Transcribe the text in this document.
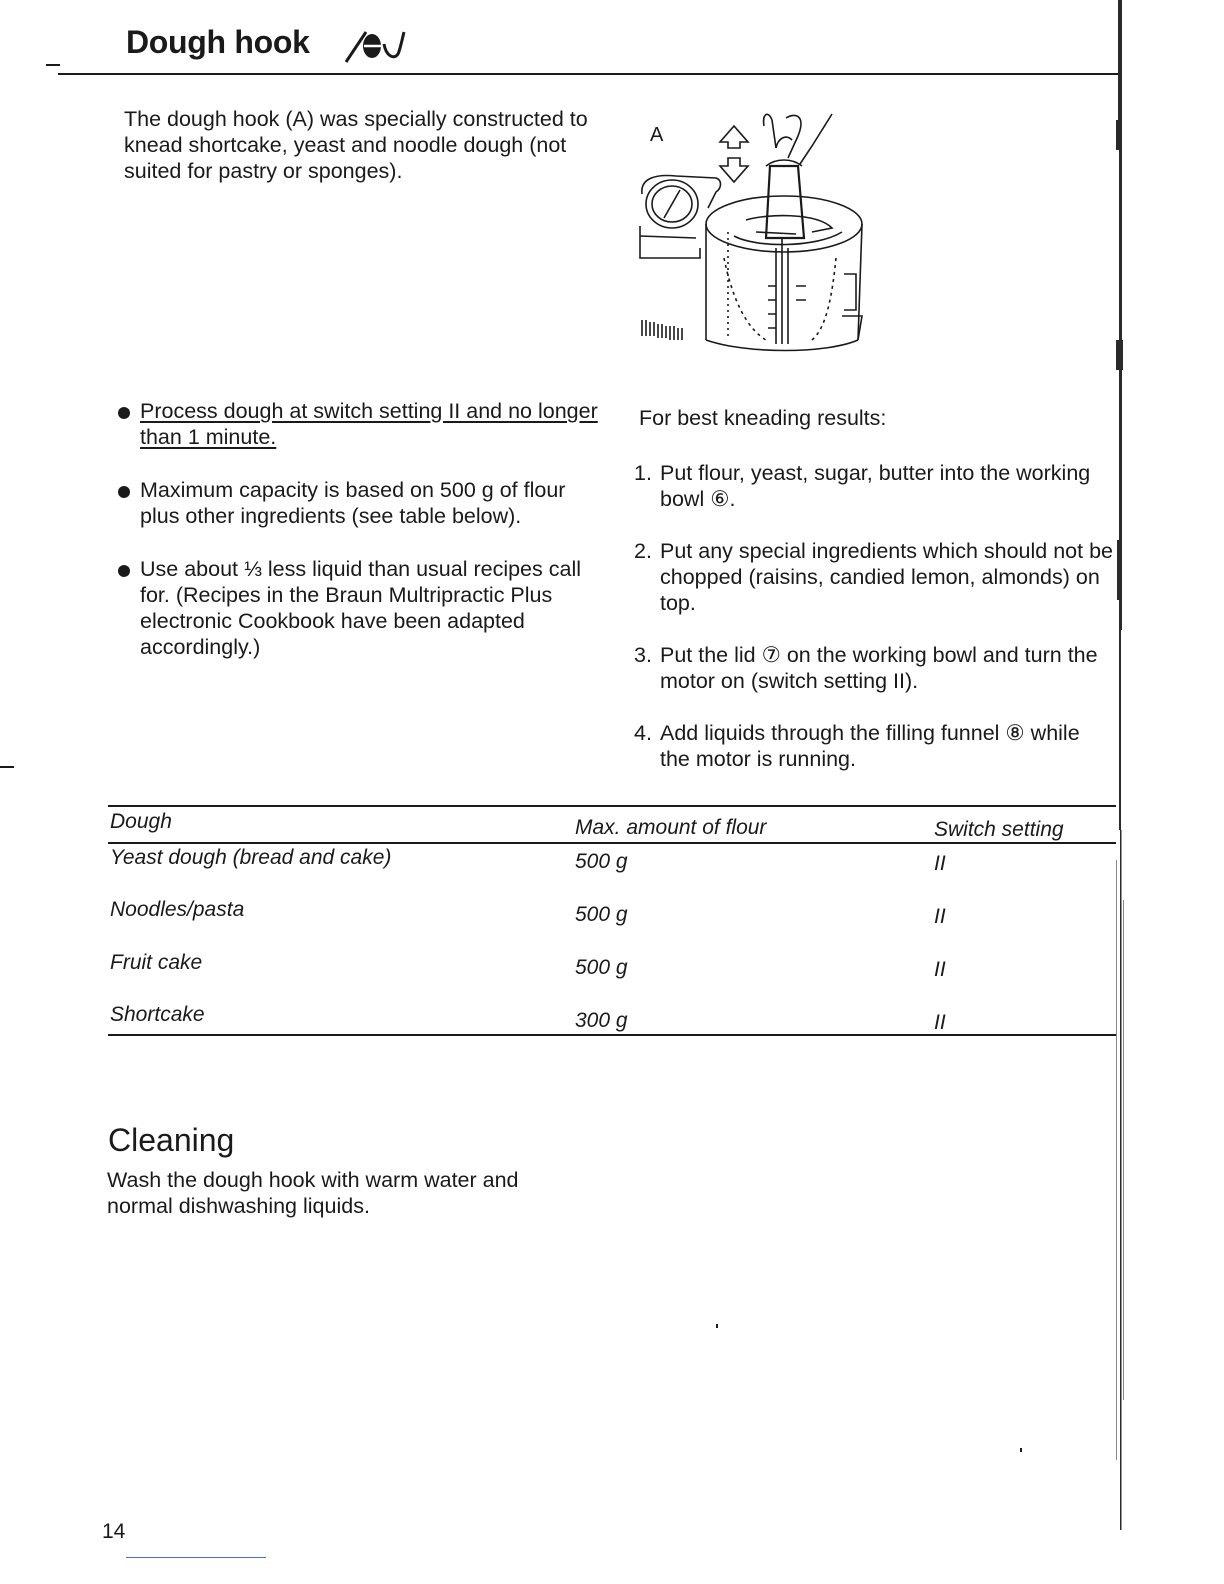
Dough hook
The dough hook (A) was specially constructed to knead shortcake, yeast and noodle dough (not suited for pastry or sponges).
A
Process dough at switch setting II and no longer than 1 minute.
Maximum capacity is based on 500 g of flour plus other ingredients (see table below).
Use about ⅓ less liquid than usual recipes call for. (Recipes in the Braun Multripractic Plus electronic Cookbook have been adapted accordingly.)
For best kneading results:
1. Put flour, yeast, sugar, butter into the working bowl ⑥.
2. Put any special ingredients which should not be chopped (raisins, candied lemon, almonds) on top.
3. Put the lid ⑦ on the working bowl and turn the motor on (switch setting II).
4. Add liquids through the filling funnel ⑧ while the motor is running.
Dough	Max. amount of flour	Switch setting
Yeast dough (bread and cake)	500 g	II
Noodles/pasta	500 g	II
Fruit cake	500 g	II
Shortcake	300 g	II
Cleaning
Wash the dough hook with warm water and normal dishwashing liquids.
14
